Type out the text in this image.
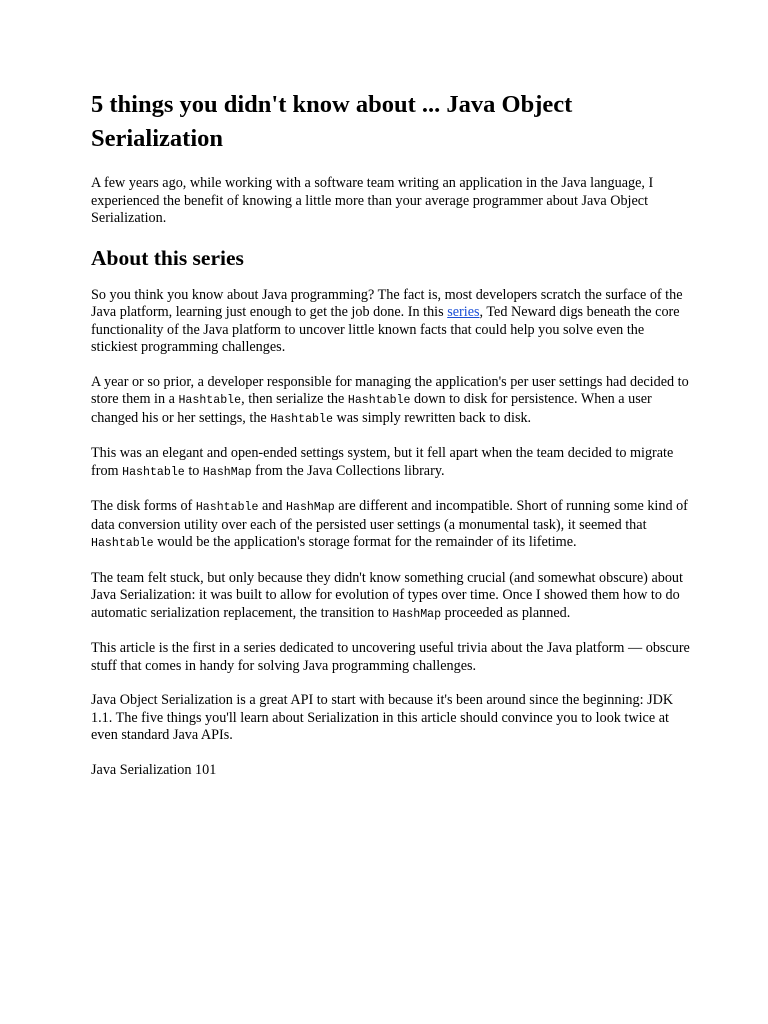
5 things you didn't know about ... Java Object Serialization

A few years ago, while working with a software team writing an application in the Java language, I experienced the benefit of knowing a little more than your average programmer about Java Object Serialization.

About this series

So you think you know about Java programming? The fact is, most developers scratch the surface of the Java platform, learning just enough to get the job done. In this series, Ted Neward digs beneath the core functionality of the Java platform to uncover little known facts that could help you solve even the stickiest programming challenges.

A year or so prior, a developer responsible for managing the application's per user settings had decided to store them in a Hashtable, then serialize the Hashtable down to disk for persistence. When a user changed his or her settings, the Hashtable was simply rewritten back to disk.

This was an elegant and open-ended settings system, but it fell apart when the team decided to migrate from Hashtable to HashMap from the Java Collections library.

The disk forms of Hashtable and HashMap are different and incompatible. Short of running some kind of data conversion utility over each of the persisted user settings (a monumental task), it seemed that Hashtable would be the application's storage format for the remainder of its lifetime.

The team felt stuck, but only because they didn't know something crucial (and somewhat obscure) about Java Serialization: it was built to allow for evolution of types over time. Once I showed them how to do automatic serialization replacement, the transition to HashMap proceeded as planned.

This article is the first in a series dedicated to uncovering useful trivia about the Java platform — obscure stuff that comes in handy for solving Java programming challenges.

Java Object Serialization is a great API to start with because it's been around since the beginning: JDK 1.1. The five things you'll learn about Serialization in this article should convince you to look twice at even standard Java APIs.

Java Serialization 101
